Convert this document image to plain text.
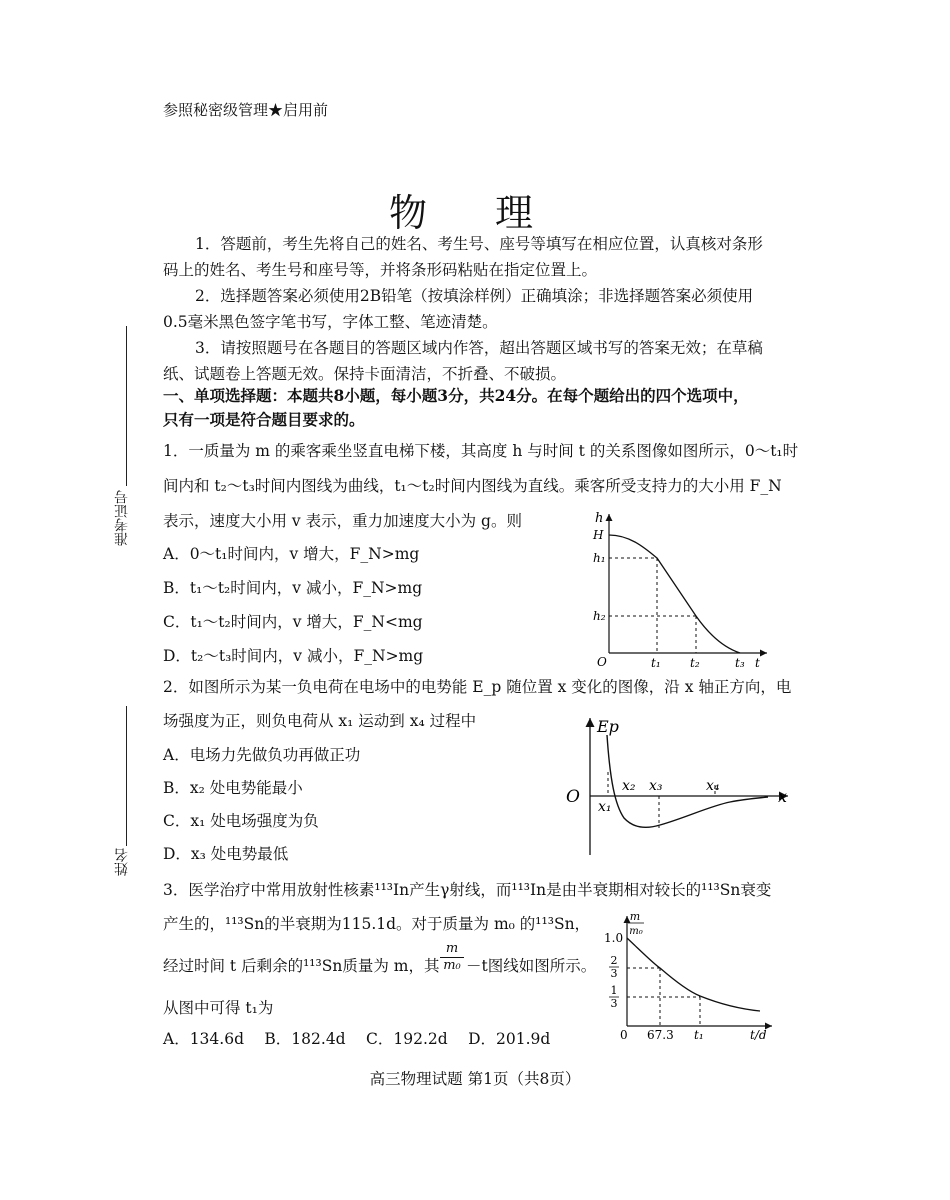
参照秘密级管理★启用前
物 理
准考证号
姓名
1．答题前，考生先将自己的姓名、考生号、座号等填写在相应位置，认真核对条形
码上的姓名、考生号和座号等，并将条形码粘贴在指定位置上。
2．选择题答案必须使用2B铅笔（按填涂样例）正确填涂；非选择题答案必须使用
0.5毫米黑色签字笔书写，字体工整、笔迹清楚。
3．请按照题号在各题目的答题区域内作答，超出答题区域书写的答案无效；在草稿
纸、试题卷上答题无效。保持卡面清洁，不折叠、不破损。
一、单项选择题：本题共8小题，每小题3分，共24分。在每个题给出的四个选项中，
只有一项是符合题目要求的。
1．一质量为 m 的乘客乘坐竖直电梯下楼，其高度 h 与时间 t 的关系图像如图所示，0～t₁时
间内和 t₂～t₃时间内图线为曲线，t₁～t₂时间内图线为直线。乘客所受支持力的大小用 F_N
表示，速度大小用 v 表示，重力加速度大小为 g。则
A．0～t₁时间内，v 增大，F_N>mg
B．t₁～t₂时间内，v 减小，F_N>mg
C．t₁～t₂时间内，v 增大，F_N<mg
D．t₂～t₃时间内，v 减小，F_N>mg
h
H
h₁
h₂
O	t₁ t₂	t₃ t
2．如图所示为某一负电荷在电场中的电势能 E_p 随位置 x 变化的图像，沿 x 轴正方向，电
场强度为正，则负电荷从 x₁ 运动到 x₄ 过程中
A．电场力先做负功再做正功
B．x₂ 处电势能最小
C．x₁ 处电场强度为负
D．x₃ 处电势最低
Ep
O x₁
x₂ x₃	x₄
x
3．医学治疗中常用放射性核素¹¹³In产生γ射线，而¹¹³In是由半衰期相对较长的¹¹³Sn衰变
产生的，¹¹³Sn的半衰期为115.1d。对于质量为 m₀ 的¹¹³Sn，
经过时间 t 后剩余的¹¹³Sn质量为 m，其 $\frac{m}{\text{m₀}} -t$图线如图所示。
从图中可得 t₁为
A．134.6d　 B．182.4d　 C．192.2d　 D．201.9d
m
m₀
1.0
2
3
1
3
0 67.3 t₁	t/d
高三物理试题 第1页（共8页）
